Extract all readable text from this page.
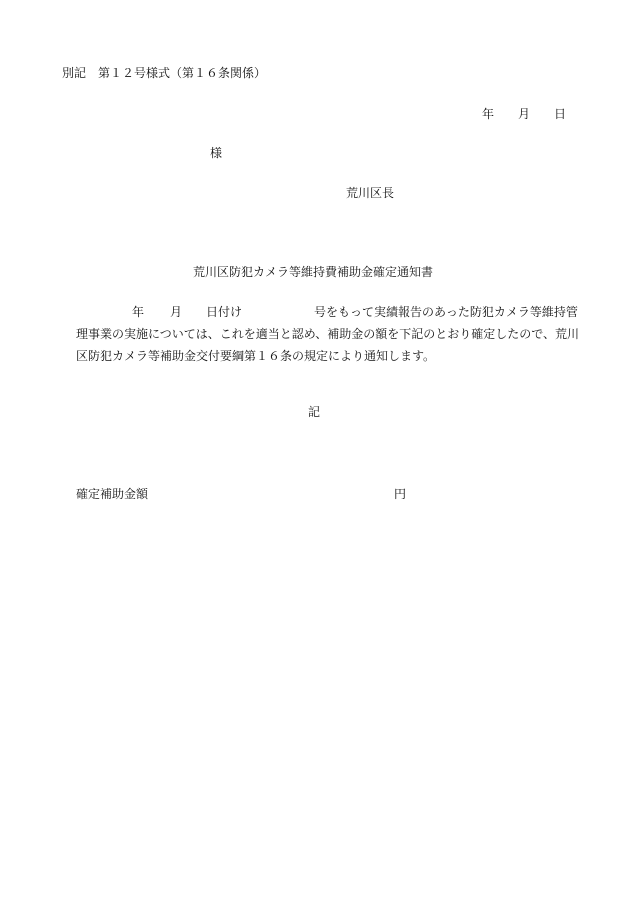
別記　第１２号様式（第１６条関係）
年 月 日
様
荒川区長
荒川区防犯カメラ等維持費補助金確定通知書
年 月 日付け	号をもって実績報告のあった防犯カメラ等維持管
理事業の実施については、これを適当と認め、補助金の額を下記のとおり確定したので、荒川
区防犯カメラ等補助金交付要綱第１６条の規定により通知します。
記
確定補助金額	円
